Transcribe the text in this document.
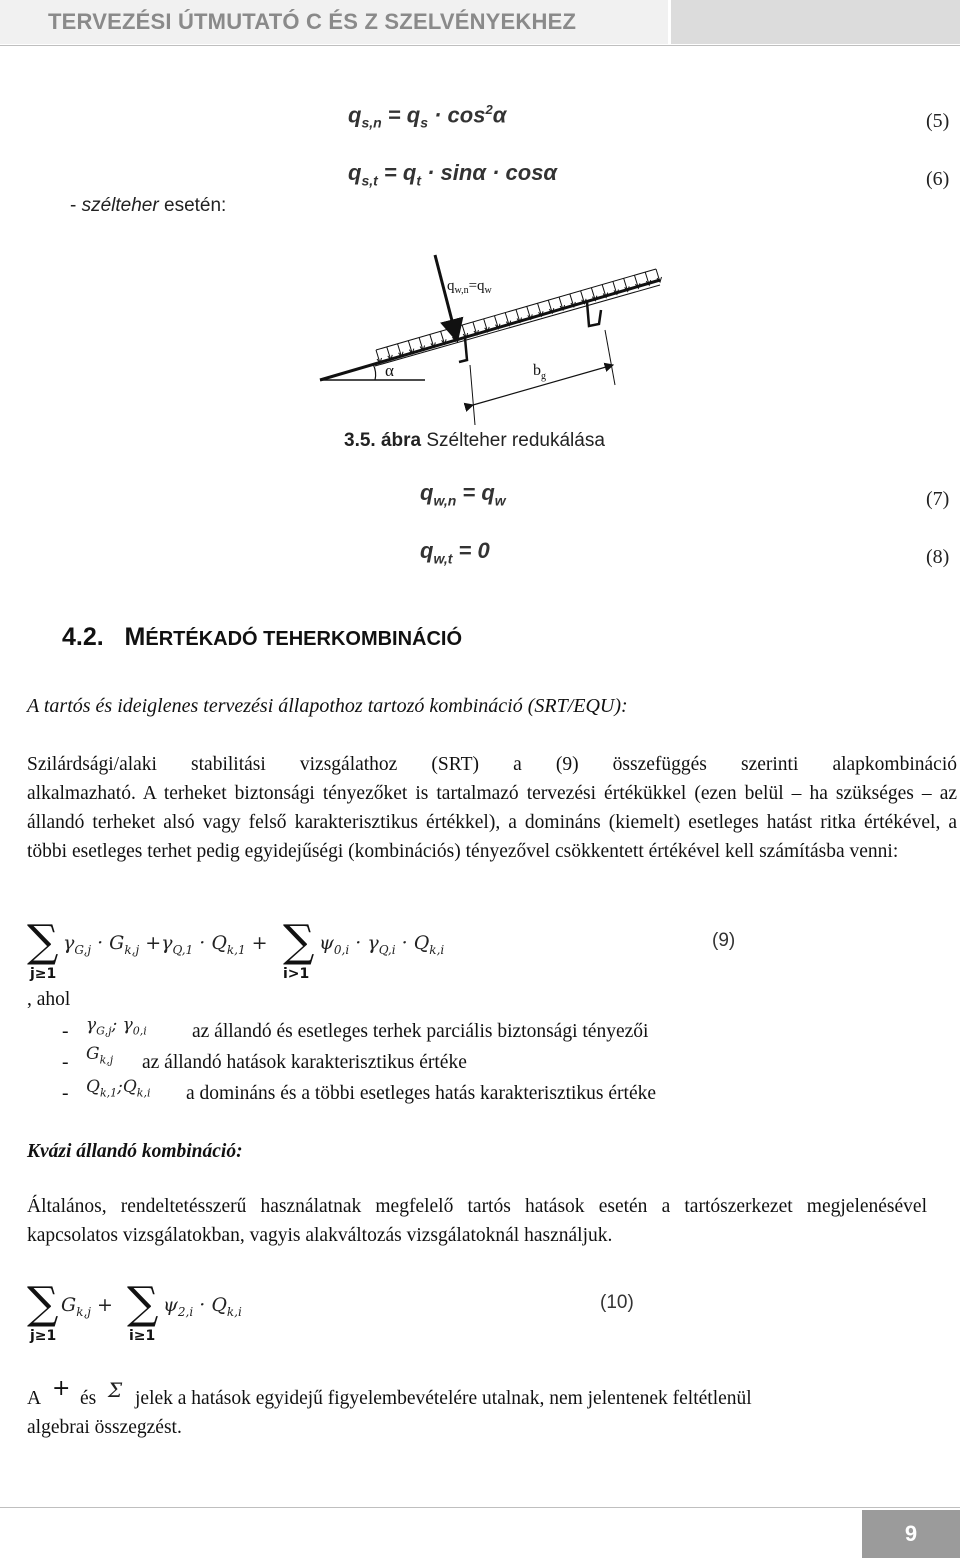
TERVEZÉSI ÚTMUTATÓ C ÉS Z SZELVÉNYEKHEZ
$q_{s,n} = q_s \cdot \cos^2\alpha$	(5)
$q_{s,t} = q_t \cdot \sin\alpha \cdot \cos\alpha$	(6)
- szélteher esetén:
$q_{w,n}=q_w$
α	$b_g$
3.5. ábra Szélteher redukálása
$q_{w,n} = q_w$	(7)
$q_{w,t} = 0$	(8)
4.2. MÉRTÉKADÓ TEHERKOMBINÁCIÓ
A tartós és ideiglenes tervezési állapothoz tartozó kombináció (SRT/EQU):
Szilárdsági/alaki stabilitási vizsgálathoz (SRT) a (9) összefüggés szerinti alapkombináció
alkalmazható. A terheket biztonsági tényezőket is tartalmazó tervezési értékükkel (ezen belül – ha szükséges – az állandó terheket alsó vagy felső karakterisztikus értékkel), a domináns (kiemelt) esetleges hatást ritka értékével, a többi esetleges terhet pedig egyidejűségi (kombinációs) tényezővel csökkentett értékével kell számításba venni:
∑
j≥1
$\gamma_{G,j} \cdot G_{k,j} +\gamma_{Q,1} \cdot Q_{k,1}$ + ∑
i>1
$\psi_{0,i} \cdot \gamma_{Q,i} \cdot Q_{k,i}$	(9)
, ahol
- $\gamma_{G,j}$; $\gamma_{0,i}$ az állandó és esetleges terhek parciális biztonsági tényezői
- $G_{k,j}$ az állandó hatások karakterisztikus értéke
- $Q_{k,1};Q_{k,i}$ a domináns és a többi esetleges hatás karakterisztikus értéke
Kvázi állandó kombináció:
Általános, rendeltetésszerű használatnak megfelelő tartós hatások esetén a tartószerkezet megjelenésével kapcsolatos vizsgálatokban, vagyis alakváltozás vizsgálatoknál használjuk.
∑
j≥1
$G_{k,j}$ + ∑
i≥1
$\psi_{2,i} \cdot Q_{k,i}$	(10)
A + és Σ jelek a hatások egyidejű figyelembevételére utalnak, nem jelentenek feltétlenül
algebrai összegzést.
9
